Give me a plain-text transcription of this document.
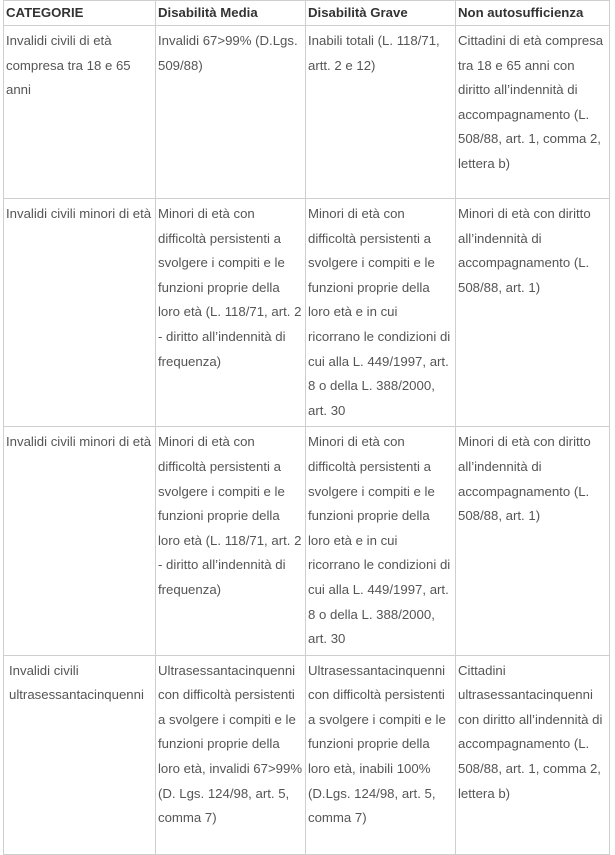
CATEGORIE	Disabilità Media	Disabilità Grave	Non autosufficienza
Invalidi civili di età compresa tra 18 e 65 anni	Invalidi 67>99% (D.Lgs. 509/88)	Inabili totali (L. 118/71, artt. 2 e 12)	Cittadini di età compresa tra 18 e 65 anni con diritto all’indennità di accompagnamento (L. 508/88, art. 1, comma 2, lettera b)
Invalidi civili minori di età	Minori di età con difficoltà persistenti a svolgere i compiti e le funzioni proprie della loro età (L. 118/71, art. 2 - diritto all’indennità di frequenza)	Minori di età con difficoltà persistenti a svolgere i compiti e le funzioni proprie della loro età e in cui ricorrano le condizioni di cui alla L. 449/1997, art. 8 o della L. 388/2000, art. 30	Minori di età con diritto all’indennità di accompagnamento (L. 508/88, art. 1)
Invalidi civili minori di età	Minori di età con difficoltà persistenti a svolgere i compiti e le funzioni proprie della loro età (L. 118/71, art. 2 - diritto all’indennità di frequenza)	Minori di età con difficoltà persistenti a svolgere i compiti e le funzioni proprie della loro età e in cui ricorrano le condizioni di cui alla L. 449/1997, art. 8 o della L. 388/2000, art. 30	Minori di età con diritto all’indennità di accompagnamento (L. 508/88, art. 1)
Invalidi civili ultrasessantacinquenni	Ultrasessantacinquenni con difficoltà persistenti a svolgere i compiti e le funzioni proprie della loro età, invalidi 67>99%(D. Lgs. 124/98, art. 5, comma 7)	Ultrasessantacinquenni con difficoltà persistenti a svolgere i compiti e le funzioni proprie della loro età, inabili 100% (D.Lgs. 124/98, art. 5, comma 7)	Cittadini ultrasessantacinquenni con diritto all’indennità di accompagnamento (L. 508/88, art. 1, comma 2, lettera b)
